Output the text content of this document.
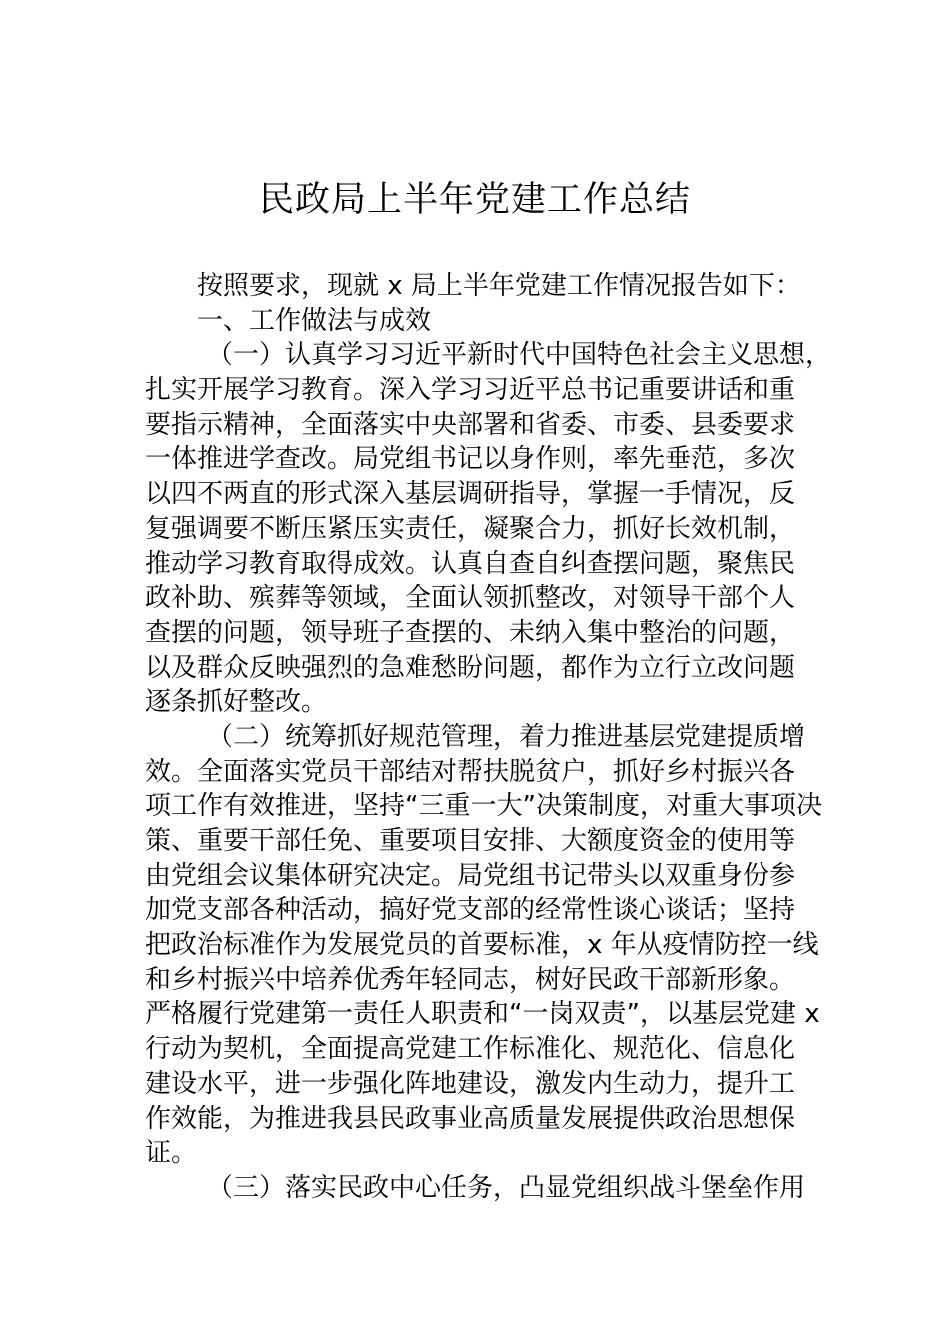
民政局上半年党建工作总结
按照要求，现就 x 局上半年党建工作情况报告如下：
一、工作做法与成效
（一）认真学习习近平新时代中国特色社会主义思想，
扎实开展学习教育。深入学习习近平总书记重要讲话和重
要指示精神，全面落实中央部署和省委、市委、县委要求
一体推进学查改。局党组书记以身作则，率先垂范，多次
以四不两直的形式深入基层调研指导，掌握一手情况，反
复强调要不断压紧压实责任，凝聚合力，抓好长效机制，
推动学习教育取得成效。认真自查自纠查摆问题，聚焦民
政补助、殡葬等领域，全面认领抓整改，对领导干部个人
查摆的问题，领导班子查摆的、未纳入集中整治的问题，
以及群众反映强烈的急难愁盼问题，都作为立行立改问题
逐条抓好整改。
（二）统筹抓好规范管理，着力推进基层党建提质增
效。全面落实党员干部结对帮扶脱贫户，抓好乡村振兴各
项工作有效推进，坚持“三重一大”决策制度，对重大事项决
策、重要干部任免、重要项目安排、大额度资金的使用等
由党组会议集体研究决定。局党组书记带头以双重身份参
加党支部各种活动，搞好党支部的经常性谈心谈话；坚持
把政治标准作为发展党员的首要标准，x 年从疫情防控一线
和乡村振兴中培养优秀年轻同志，树好民政干部新形象。
严格履行党建第一责任人职责和“一岗双责”，以基层党建 x
行动为契机，全面提高党建工作标准化、规范化、信息化
建设水平，进一步强化阵地建设，激发内生动力，提升工
作效能，为推进我县民政事业高质量发展提供政治思想保
证。
（三）落实民政中心任务，凸显党组织战斗堡垒作用
